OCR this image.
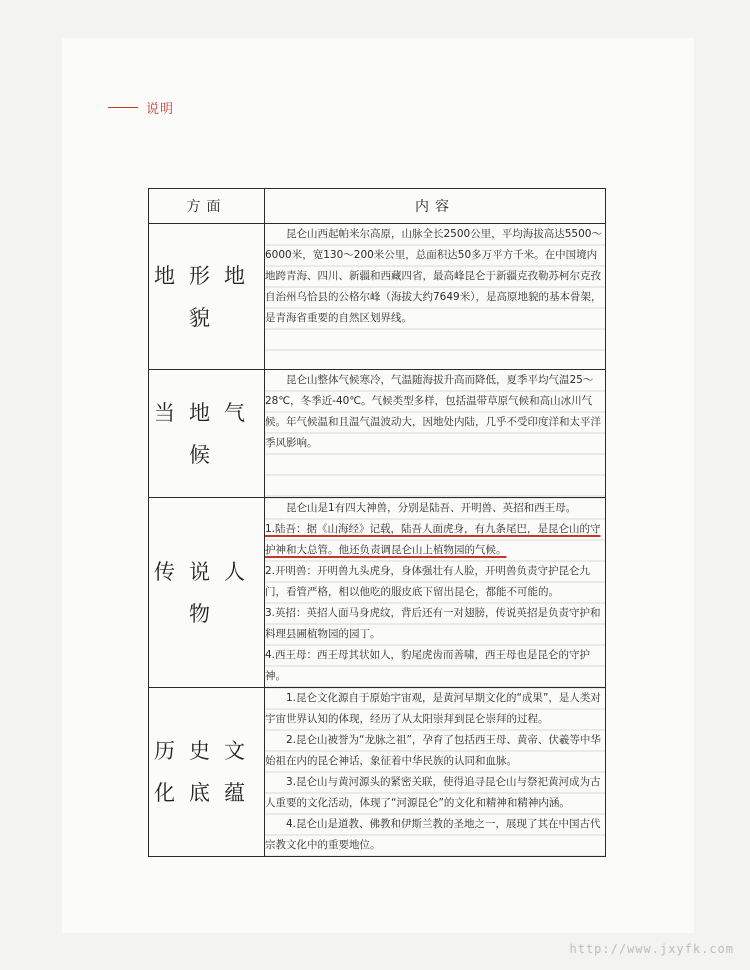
说明
方面	内容
地形地貌	昆仑山西起帕米尔高原，山脉全长2500公里，平均海拔高达5500～6000米，宽130～200米公里，总面积达50多万平方千米。在中国境内地跨青海、四川、新疆和西藏四省，最高峰昆仑于新疆克孜勒苏柯尔克孜自治州乌恰县的公格尔峰（海拔大约7649米），是高原地貌的基本骨架，是青海省重要的自然区划界线。

当地气候	昆仑山整体气候寒冷，气温随海拔升高而降低，夏季平均气温25～28℃，冬季近-40℃。气候类型多样，包括温带草原气候和高山冰川气候。年气候温和且温气温波动大，因地处内陆，几乎不受印度洋和太平洋季风影响。

传说人物	昆仑山是1有四大神兽，分别是陆吾、开明兽、英招和西王母。

1.陆吾：据《山海经》记载，陆吾人面虎身，有九条尾巴，是昆仑山的守护神和大总管。他还负责调昆仑山上植物园的气候。

2.开明兽：开明兽九头虎身，身体强壮有人脸，开明兽负责守护昆仑九门，看管严格，相以他吃的服皮底下留出昆仑，都能不可能的。

3.英招：英招人面马身虎纹，背后还有一对翅膀，传说英招是负责守护和料理县圃植物园的园丁。

4.西王母：西王母其状如人，豹尾虎齿而善啸，西王母也是昆仑的守护神。

历史文化底蕴	1.昆仑文化源自于原始宇宙观，是黄河早期文化的“成果”，是人类对宇宙世界认知的体现，经历了从太阳崇拜到昆仑崇拜的过程。

2.昆仑山被誉为“龙脉之祖”，孕育了包括西王母、黄帝、伏羲等中华始祖在内的昆仑神话，象征着中华民族的认同和血脉。

3.昆仑山与黄河源头的紧密关联，使得追寻昆仑山与祭祀黄河成为古人重要的文化活动，体现了“河源昆仑”的文化和精神和精神内涵。

4.昆仑山是道教、佛教和伊斯兰教的圣地之一，展现了其在中国古代宗教文化中的重要地位。

http://www.jxyfk.com
